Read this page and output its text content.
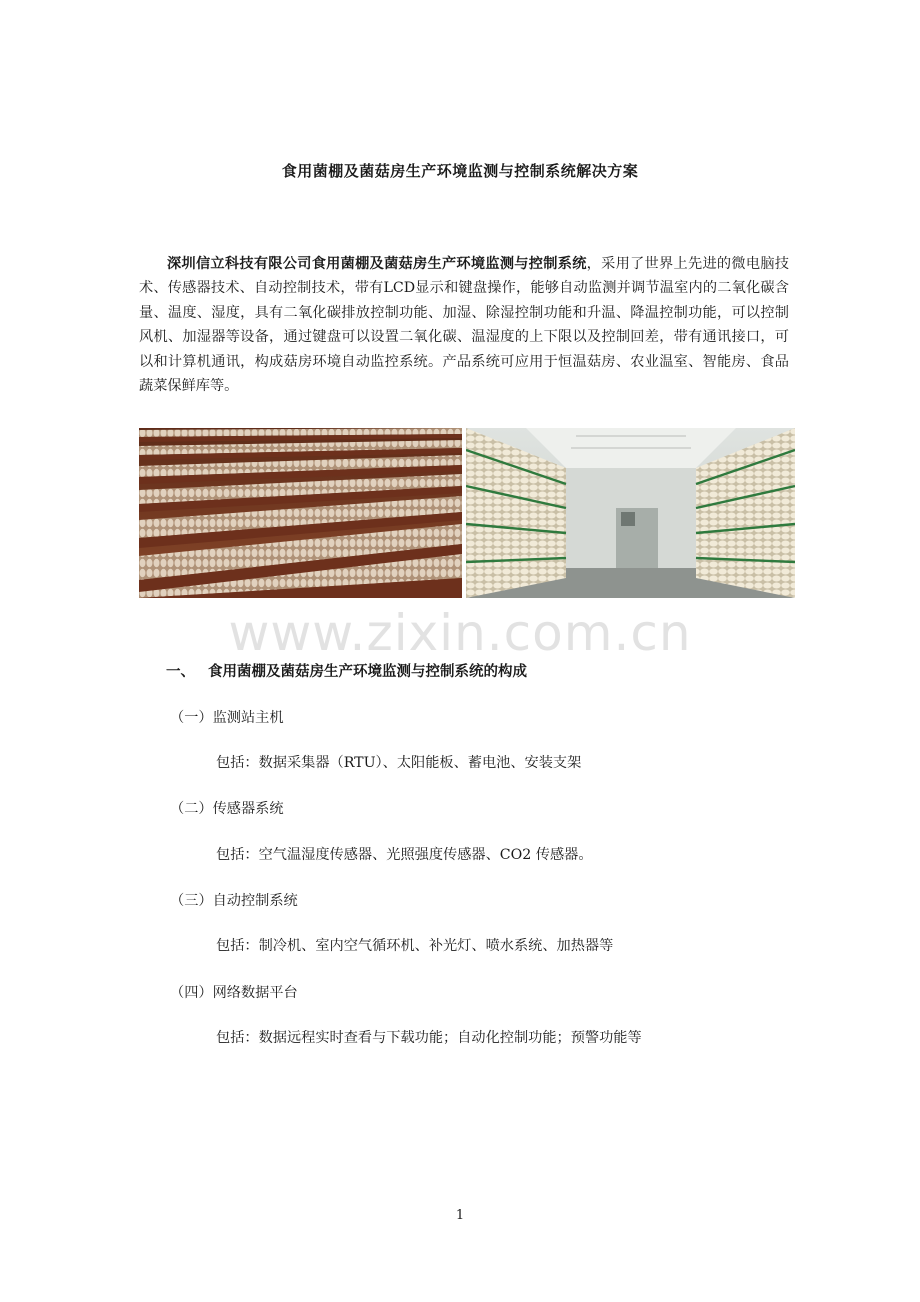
食用菌棚及菌菇房生产环境监测与控制系统解决方案

深圳信立科技有限公司食用菌棚及菌菇房生产环境监测与控制系统，采用了世界上先进的微电脑技术、传感器技术、自动控制技术，带有LCD显示和键盘操作，能够自动监测并调节温室内的二氧化碳含量、温度、湿度，具有二氧化碳排放控制功能、加湿、除湿控制功能和升温、降温控制功能，可以控制风机、加湿器等设备，通过键盘可以设置二氧化碳、温湿度的上下限以及控制回差，带有通讯接口，可以和计算机通讯，构成菇房环境自动监控系统。产品系统可应用于恒温菇房、农业温室、智能房、食品蔬菜保鲜库等。

www.zixin.com.cn
一、 食用菌棚及菌菇房生产环境监测与控制系统的构成
（一）监测站主机
包括：数据采集器（RTU）、太阳能板、蓄电池、安装支架
（二）传感器系统
包括：空气温湿度传感器、光照强度传感器、CO2 传感器。
（三）自动控制系统
包括：制冷机、室内空气循环机、补光灯、喷水系统、加热器等
（四）网络数据平台
包括：数据远程实时查看与下载功能；自动化控制功能；预警功能等
1
